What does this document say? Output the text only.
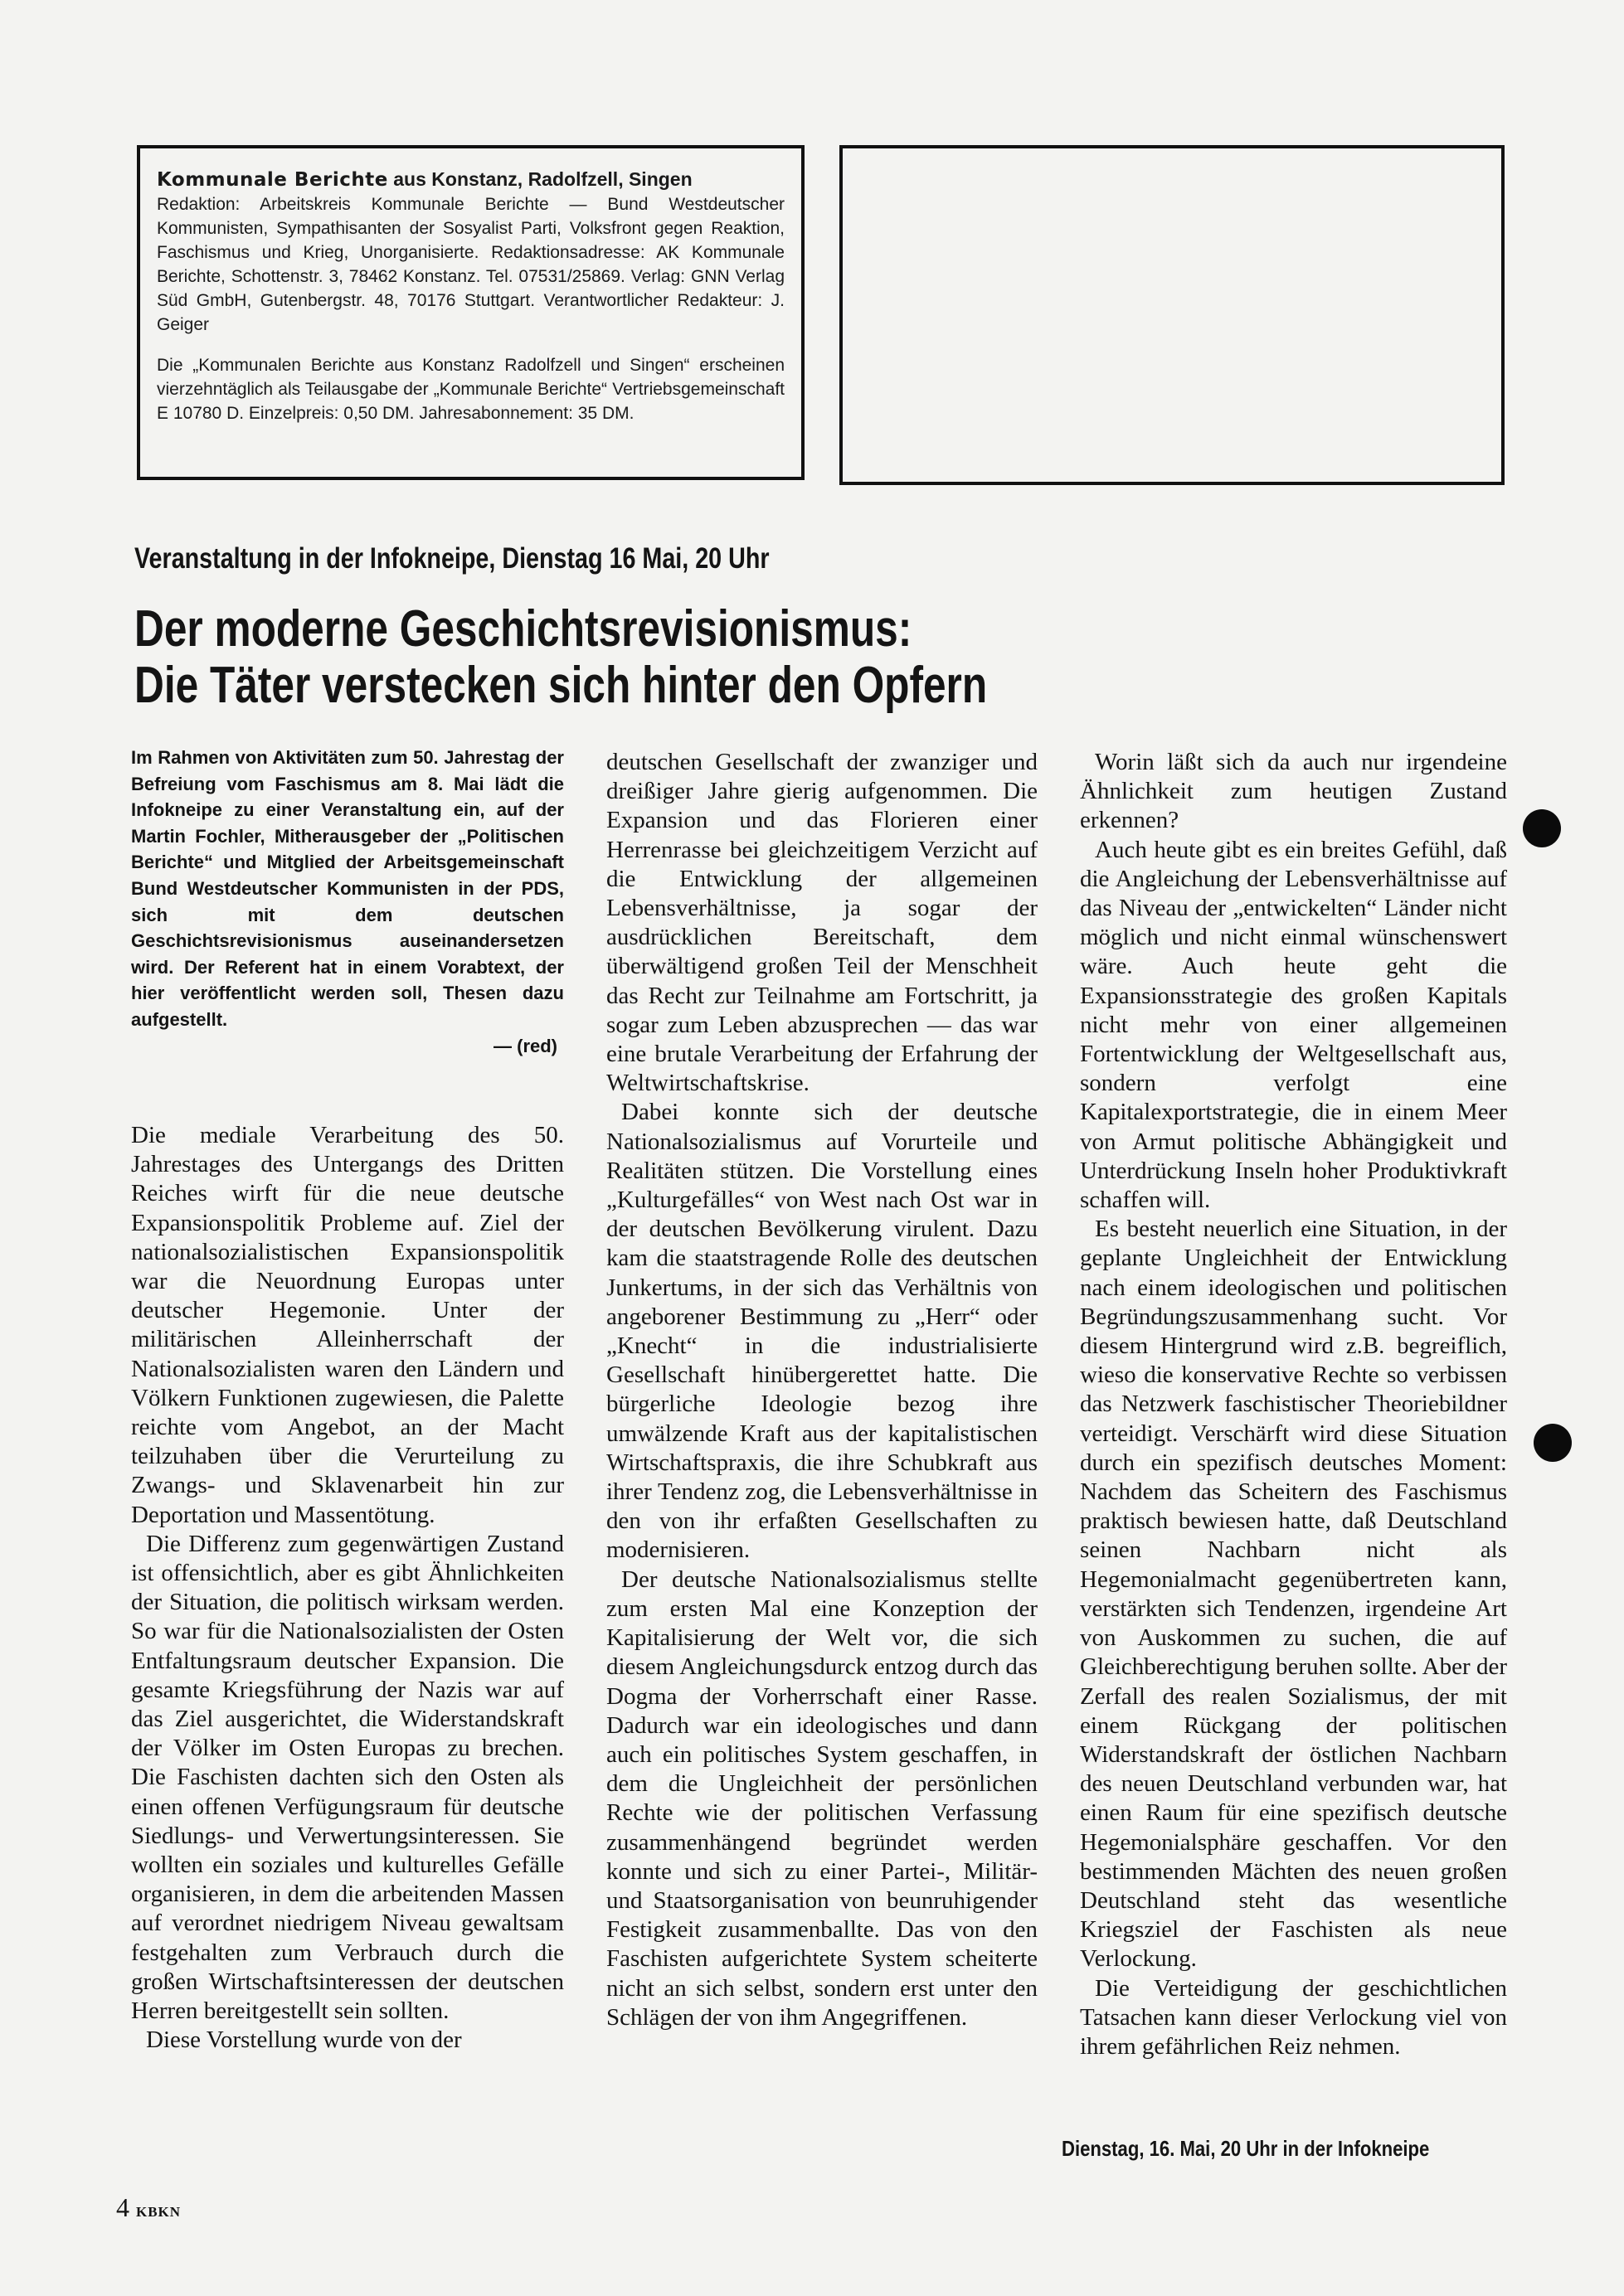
Kommunale Berichte aus Konstanz, Radolfzell, Singen

Redaktion: Arbeitskreis Kommunale Berichte — Bund Westdeutscher Kommunisten, Sympathisanten der Sosyalist Parti, Volksfront gegen Reaktion, Faschismus und Krieg, Unorganisierte. Redaktionsadresse: AK Kommunale Berichte, Schottenstr. 3, 78462 Konstanz. Tel. 07531/25869. Verlag: GNN Verlag Süd GmbH, Gutenbergstr. 48, 70176 Stuttgart. Verantwortlicher Redakteur: J. Geiger

Die „Kommunalen Berichte aus Konstanz Radolfzell und Singen“ erscheinen vierzehntäglich als Teilausgabe der „Kommunale Berichte“ Vertriebsgemeinschaft E 10780 D. Einzelpreis: 0,50 DM. Jahresabonnement: 35 DM.

Veranstaltung in der Infokneipe, Dienstag 16 Mai, 20 Uhr
Der moderne Geschichtsrevisionismus:
Die Täter verstecken sich hinter den Opfern
Im Rahmen von Aktivitäten zum 50. Jahrestag der Befreiung vom Faschismus am 8. Mai lädt die Infokneipe zu einer Veranstaltung ein, auf der Martin Fochler, Mitherausgeber der „Politischen Berichte“ und Mitglied der Arbeitsgemeinschaft Bund Westdeutscher Kommunisten in der PDS, sich mit dem deutschen Geschichtsrevisionismus auseinandersetzen wird. Der Referent hat in einem Vorabtext, der hier veröffentlicht werden soll, Thesen dazu aufgestellt.
— (red)

Die mediale Verarbeitung des 50. Jahrestages des Untergangs des Dritten Reiches wirft für die neue deutsche Expansionspolitik Probleme auf. Ziel der nationalsozialistischen Expansionspolitik war die Neuordnung Europas unter deutscher Hegemonie. Unter der militärischen Alleinherrschaft der Nationalsozialisten waren den Ländern und Völkern Funktionen zugewiesen, die Palette reichte vom Angebot, an der Macht teilzuhaben über die Verurteilung zu Zwangs- und Sklavenarbeit hin zur Deportation und Massentötung.

Die Differenz zum gegenwärtigen Zustand ist offensichtlich, aber es gibt Ähnlichkeiten der Situation, die politisch wirksam werden. So war für die Nationalsozialisten der Osten Entfaltungsraum deutscher Expansion. Die gesamte Kriegsführung der Nazis war auf das Ziel ausgerichtet, die Widerstandskraft der Völker im Osten Europas zu brechen. Die Faschisten dachten sich den Osten als einen offenen Verfügungsraum für deutsche Siedlungs- und Verwertungsinteressen. Sie wollten ein soziales und kulturelles Gefälle organisieren, in dem die arbeitenden Massen auf verordnet niedrigem Niveau gewaltsam festgehalten zum Verbrauch durch die großen Wirtschaftsinteressen der deutschen Herren bereitgestellt sein sollten.

Diese Vorstellung wurde von der

deutschen Gesellschaft der zwanziger und dreißiger Jahre gierig aufgenommen. Die Expansion und das Florieren einer Herrenrasse bei gleichzeitigem Verzicht auf die Entwicklung der allgemeinen Lebensverhältnisse, ja sogar der ausdrücklichen Bereitschaft, dem überwältigend großen Teil der Menschheit das Recht zur Teilnahme am Fortschritt, ja sogar zum Leben abzusprechen — das war eine brutale Verarbeitung der Erfahrung der Weltwirtschaftskrise.

Dabei konnte sich der deutsche Nationalsozialismus auf Vorurteile und Realitäten stützen. Die Vorstellung eines „Kulturgefälles“ von West nach Ost war in der deutschen Bevölkerung virulent. Dazu kam die staatstragende Rolle des deutschen Junkertums, in der sich das Verhältnis von angeborener Bestimmung zu „Herr“ oder „Knecht“ in die industrialisierte Gesellschaft hinübergerettet hatte. Die bürgerliche Ideologie bezog ihre umwälzende Kraft aus der kapitalistischen Wirtschaftspraxis, die ihre Schubkraft aus ihrer Tendenz zog, die Lebensverhältnisse in den von ihr erfaßten Gesellschaften zu modernisieren.

Der deutsche Nationalsozialismus stellte zum ersten Mal eine Konzeption der Kapitalisierung der Welt vor, die sich diesem Angleichungsdurck entzog durch das Dogma der Vorherrschaft einer Rasse. Dadurch war ein ideologisches und dann auch ein politisches System geschaffen, in dem die Ungleichheit der persönlichen Rechte wie der politischen Verfassung zusammenhängend begründet werden konnte und sich zu einer Partei-, Militär- und Staatsorganisation von beunruhigender Festigkeit zusammenballte. Das von den Faschisten aufgerichtete System scheiterte nicht an sich selbst, sondern erst unter den Schlägen der von ihm Angegriffenen.

Worin läßt sich da auch nur irgendeine Ähnlichkeit zum heutigen Zustand erkennen?

Auch heute gibt es ein breites Gefühl, daß die Angleichung der Lebensverhältnisse auf das Niveau der „entwickelten“ Länder nicht möglich und nicht einmal wünschenswert wäre. Auch heute geht die Expansionsstrategie des großen Kapitals nicht mehr von einer allgemeinen Fortentwicklung der Weltgesellschaft aus, sondern verfolgt eine Kapitalexportstrategie, die in einem Meer von Armut politische Abhängigkeit und Unterdrückung Inseln hoher Produktivkraft schaffen will.

Es besteht neuerlich eine Situation, in der geplante Ungleichheit der Entwicklung nach einem ideologischen und politischen Begründungszusammenhang sucht. Vor diesem Hintergrund wird z.B. begreiflich, wieso die konservative Rechte so verbissen das Netzwerk faschistischer Theoriebildner verteidigt. Verschärft wird diese Situation durch ein spezifisch deutsches Moment: Nachdem das Scheitern des Faschismus praktisch bewiesen hatte, daß Deutschland seinen Nachbarn nicht als Hegemonialmacht gegenübertreten kann, verstärkten sich Tendenzen, irgendeine Art von Auskommen zu suchen, die auf Gleichberechtigung beruhen sollte. Aber der Zerfall des realen Sozialismus, der mit einem Rückgang der politischen Widerstandskraft der östlichen Nachbarn des neuen Deutschland verbunden war, hat einen Raum für eine spezifisch deutsche Hegemonialsphäre geschaffen. Vor den bestimmenden Mächten des neuen großen Deutschland steht das wesentliche Kriegsziel der Faschisten als neue Verlockung.

Die Verteidigung der geschichtlichen Tatsachen kann dieser Verlockung viel von ihrem gefährlichen Reiz nehmen.

Dienstag, 16. Mai, 20 Uhr in der Infokneipe
4 KBKN
